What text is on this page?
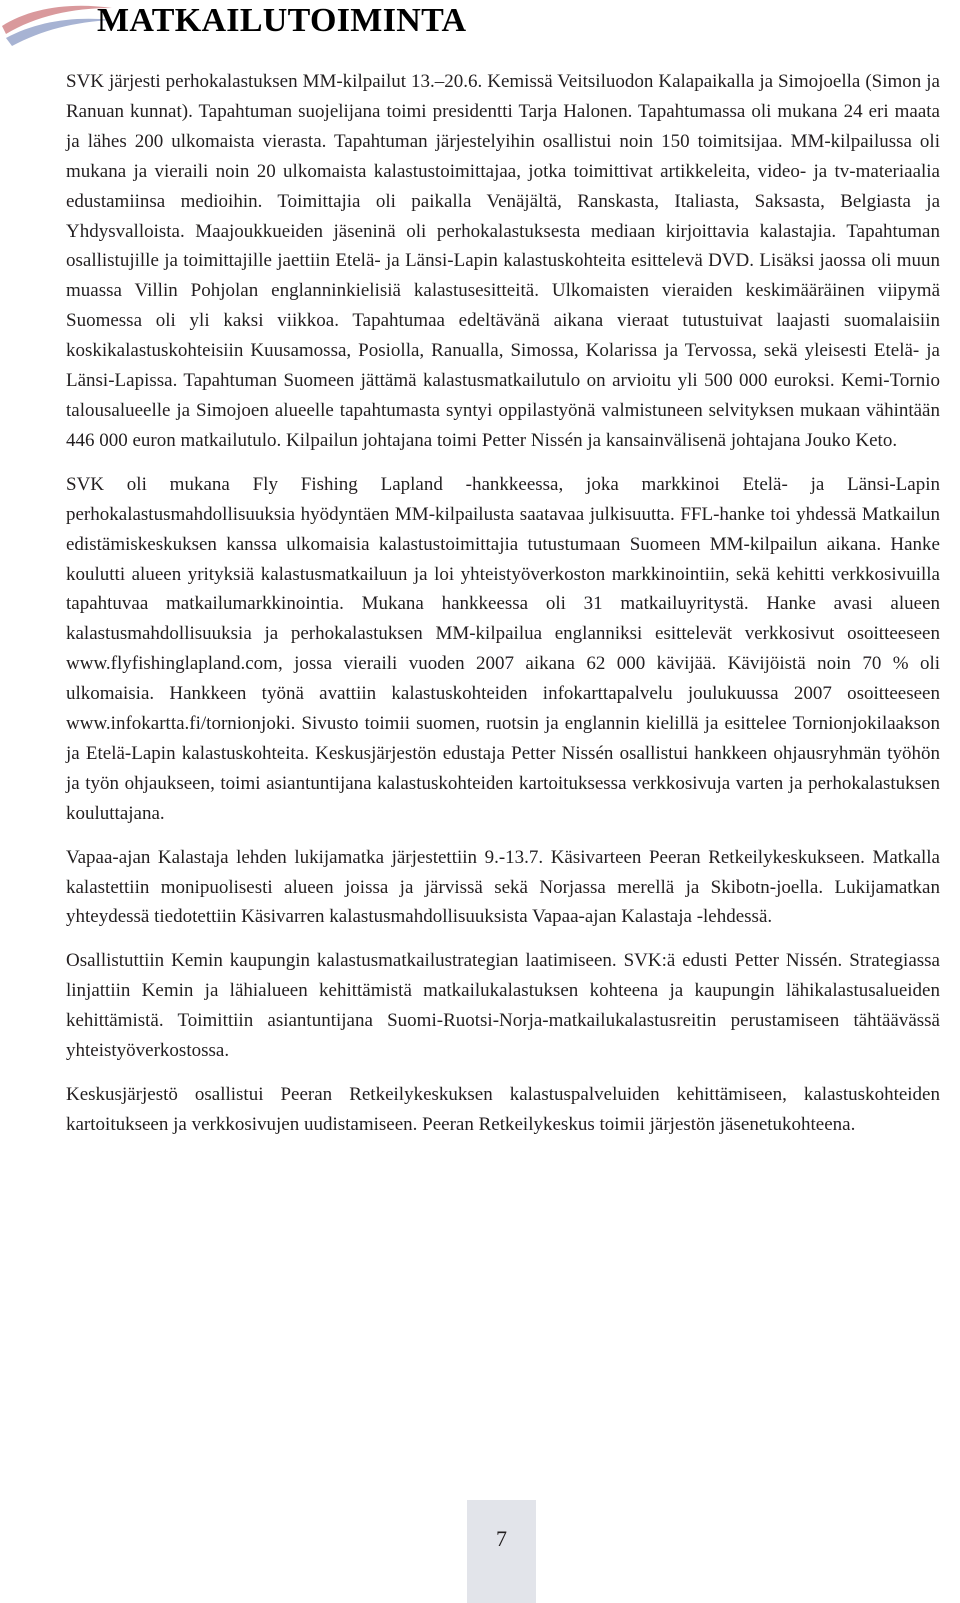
MATKAILUTOIMINTA

SVK järjesti perhokalastuksen MM-kilpailut 13.–20.6. Kemissä Veitsiluodon Kalapaikalla ja Simojoella (Simon ja Ranuan kunnat). Tapahtuman suojelijana toimi presidentti Tarja Halonen. Tapahtumassa oli mukana 24 eri maata ja lähes 200 ulkomaista vierasta. Tapahtuman järjestelyihin osallistui noin 150 toimitsijaa. MM-kilpailussa oli mukana ja vieraili noin 20 ulkomaista kalastustoimittajaa, jotka toimittivat artikkeleita, video- ja tv-materiaalia edustamiinsa medioihin. Toimittajia oli paikalla Venäjältä, Ranskasta, Italiasta, Saksasta, Belgiasta ja Yhdysvalloista. Maajoukkueiden jäseninä oli perhokalastuksesta mediaan kirjoittavia kalastajia. Tapahtuman osallistujille ja toimittajille jaettiin Etelä- ja Länsi-Lapin kalastuskohteita esittelevä DVD. Lisäksi jaossa oli muun muassa Villin Pohjolan englanninkielisiä kalastusesitteitä. Ulkomaisten vieraiden keskimääräinen viipymä Suomessa oli yli kaksi viikkoa. Tapahtumaa edeltävänä aikana vieraat tutustuivat laajasti suomalaisiin koskikalastuskohteisiin Kuusamossa, Posiolla, Ranualla, Simossa, Kolarissa ja Tervossa, sekä yleisesti Etelä- ja Länsi-Lapissa. Tapahtuman Suomeen jättämä kalastusmatkailutulo on arvioitu yli 500 000 euroksi. Kemi-Tornio talousalueelle ja Simojoen alueelle tapahtumasta syntyi oppilastyönä valmistuneen selvityksen mukaan vähintään 446 000 euron matkailutulo. Kilpailun johtajana toimi Petter Nissén ja kansainvälisenä johtajana Jouko Keto.

SVK oli mukana Fly Fishing Lapland -hankkeessa, joka markkinoi Etelä- ja Länsi-Lapin perhokalastusmahdollisuuksia hyödyntäen MM-kilpailusta saatavaa julkisuutta. FFL-hanke toi yhdessä Matkailun edistämiskeskuksen kanssa ulkomaisia kalastustoimittajia tutustumaan Suomeen MM-kilpailun aikana. Hanke koulutti alueen yrityksiä kalastusmatkailuun ja loi yhteistyöverkoston markkinointiin, sekä kehitti verkkosivuilla tapahtuvaa matkailumarkkinointia. Mukana hankkeessa oli 31 matkailuyritystä. Hanke avasi alueen kalastusmahdollisuuksia ja perhokalastuksen MM-kilpailua englanniksi esittelevät verkkosivut osoitteeseen www.flyfishinglapland.com, jossa vieraili vuoden 2007 aikana 62 000 kävijää. Kävijöistä noin 70 % oli ulkomaisia. Hankkeen työnä avattiin kalastuskohteiden infokarttapalvelu joulukuussa 2007 osoitteeseen www.infokartta.fi/tornionjoki. Sivusto toimii suomen, ruotsin ja englannin kielillä ja esittelee Tornionjokilaakson ja Etelä-Lapin kalastuskohteita. Keskusjärjestön edustaja Petter Nissén osallistui hankkeen ohjausryhmän työhön ja työn ohjaukseen, toimi asiantuntijana kalastuskohteiden kartoituksessa verkkosivuja varten ja perhokalastuksen kouluttajana.

Vapaa-ajan Kalastaja lehden lukijamatka järjestettiin 9.-13.7. Käsivarteen Peeran Retkeilykeskukseen. Matkalla kalastettiin monipuolisesti alueen joissa ja järvissä sekä Norjassa merellä ja Skibotn-joella. Lukijamatkan yhteydessä tiedotettiin Käsivarren kalastusmahdollisuuksista Vapaa-ajan Kalastaja -lehdessä.

Osallistuttiin Kemin kaupungin kalastusmatkailustrategian laatimiseen. SVK:ä edusti Petter Nissén. Strategiassa linjattiin Kemin ja lähialueen kehittämistä matkailukalastuksen kohteena ja kaupungin lähikalastusalueiden kehittämistä. Toimittiin asiantuntijana Suomi-Ruotsi-Norja-matkailukalastusreitin perustamiseen tähtäävässä yhteistyöverkostossa.

Keskusjärjestö osallistui Peeran Retkeilykeskuksen kalastuspalveluiden kehittämiseen, kalastuskohteiden kartoitukseen ja verkkosivujen uudistamiseen. Peeran Retkeilykeskus toimii järjestön jäsenetukohteena.

7
